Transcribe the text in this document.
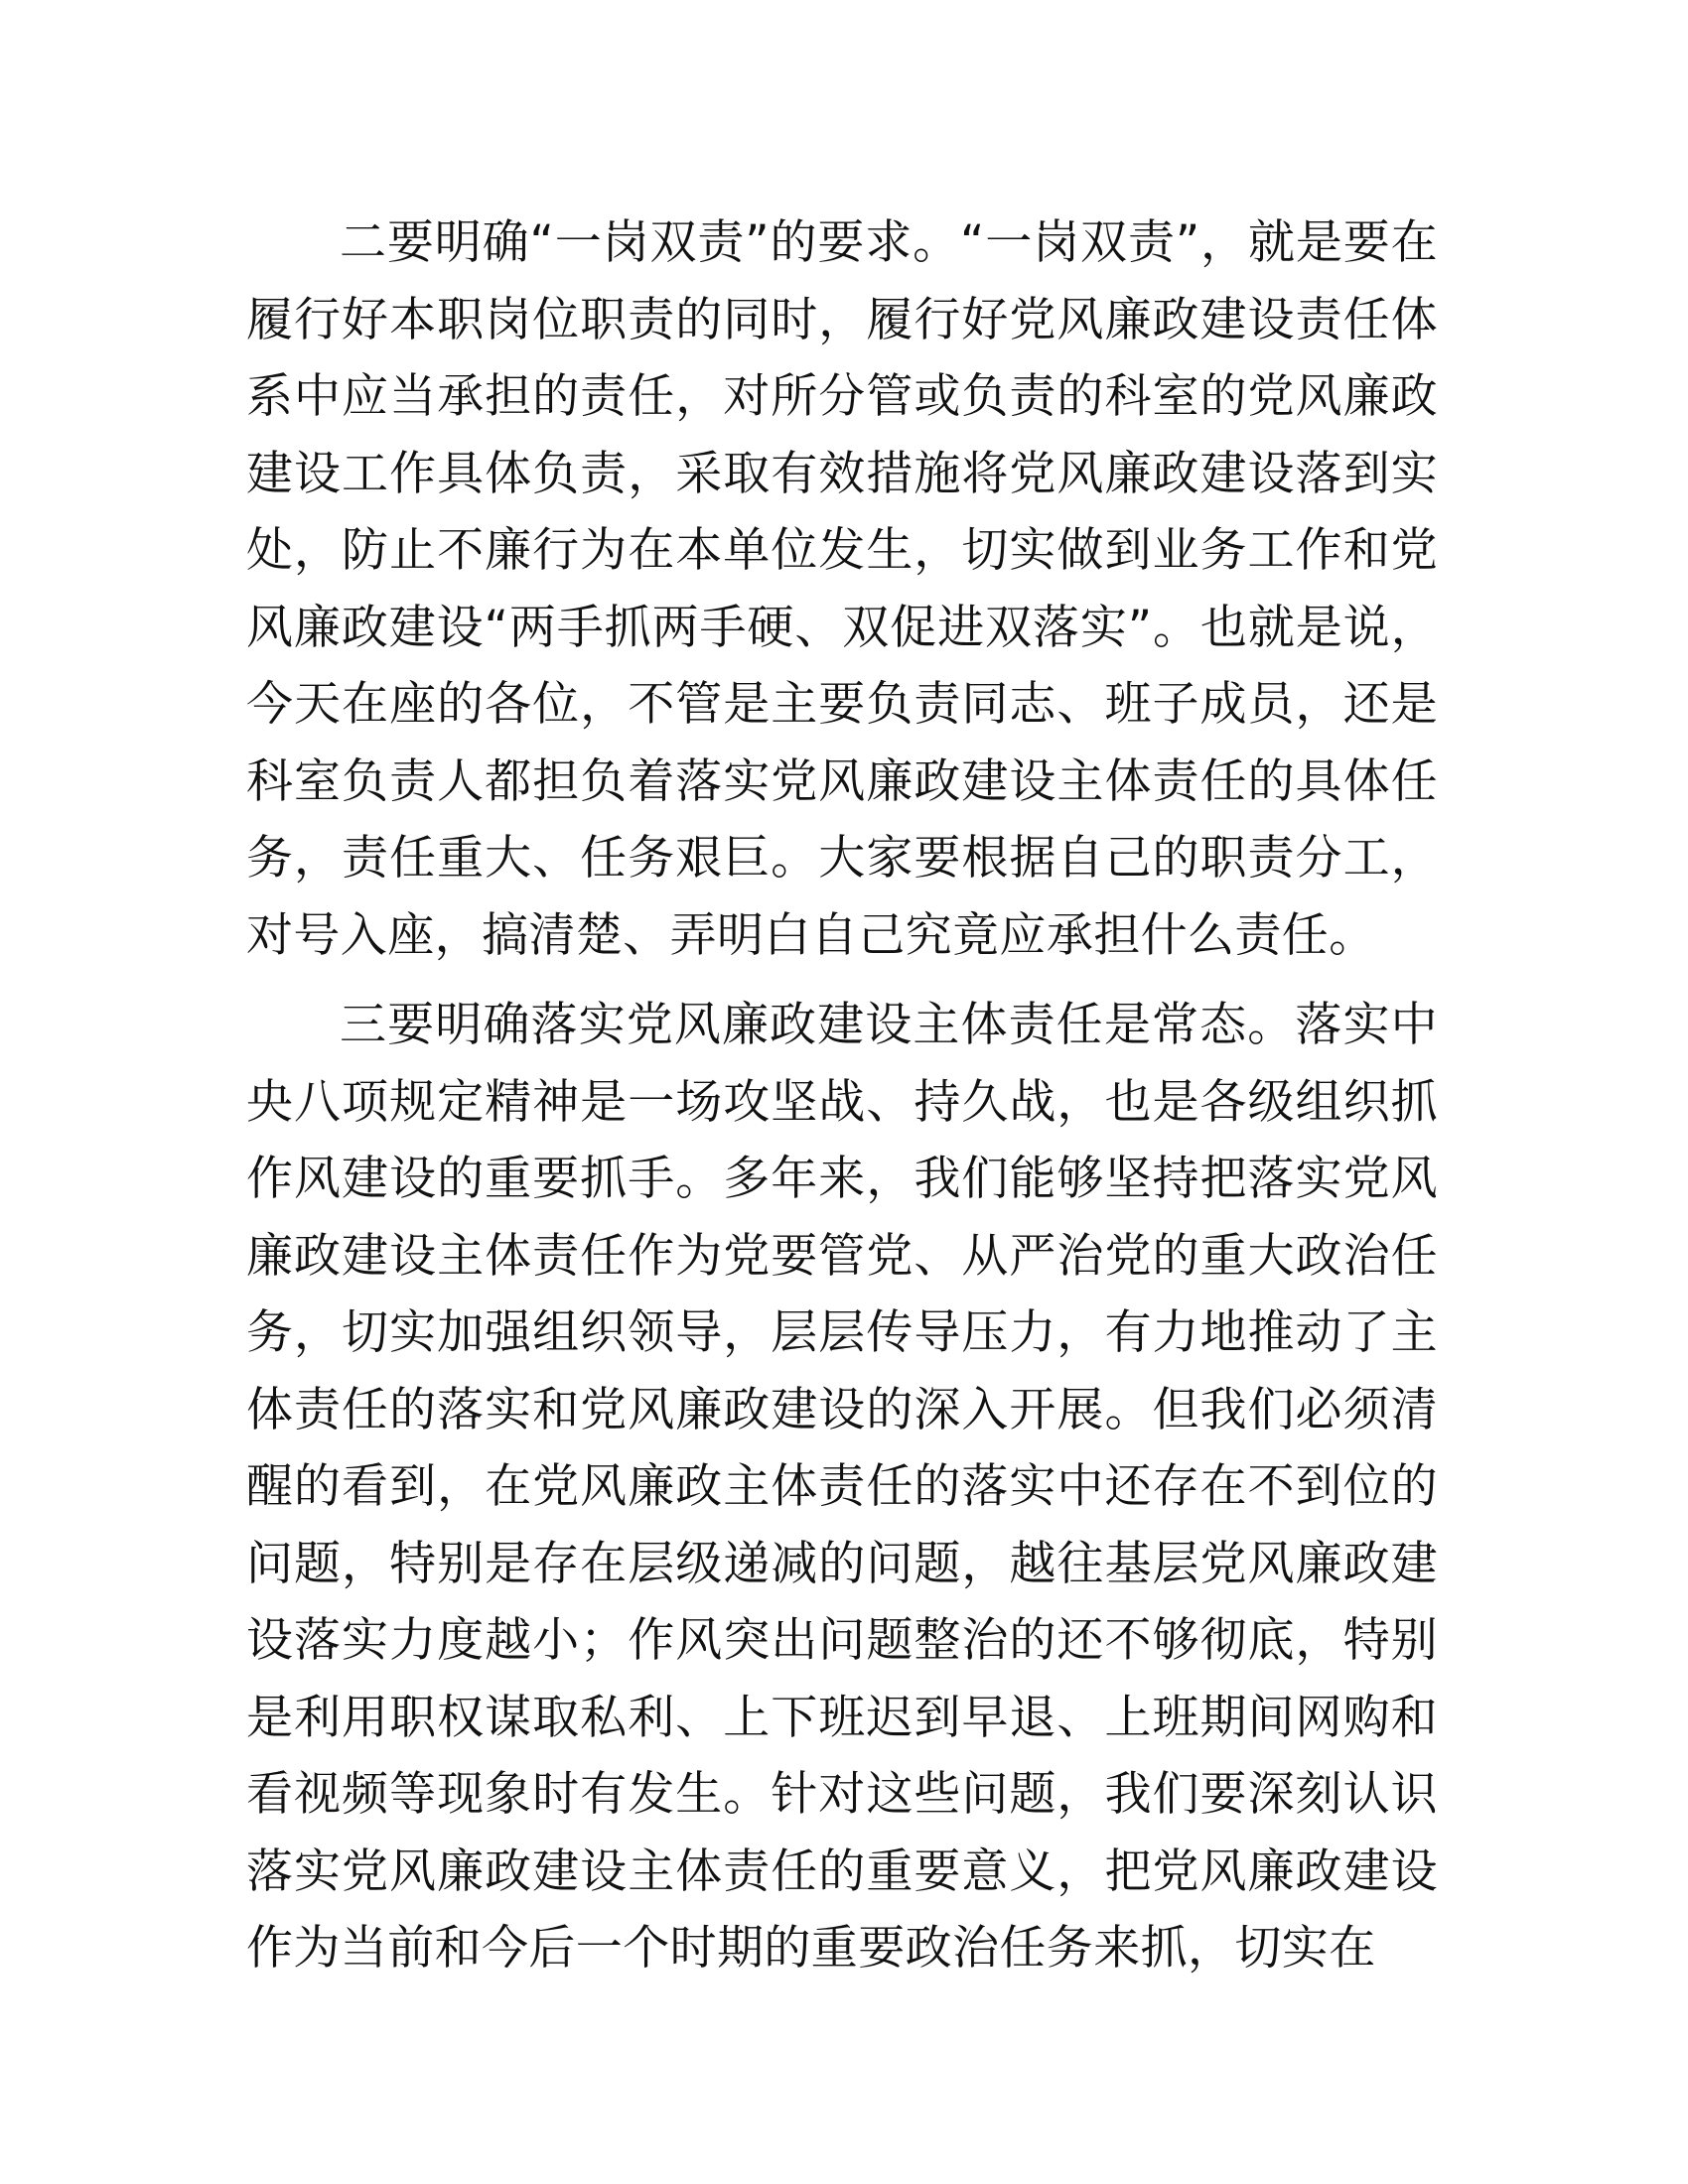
二要明确“一岗双责”的要求。“一岗双责”，就是要在履行好本职岗位职责的同时，履行好党风廉政建设责任体系中应当承担的责任，对所分管或负责的科室的党风廉政建设工作具体负责，采取有效措施将党风廉政建设落到实处，防止不廉行为在本单位发生，切实做到业务工作和党风廉政建设“两手抓两手硬、双促进双落实”。也就是说，今天在座的各位，不管是主要负责同志、班子成员，还是科室负责人都担负着落实党风廉政建设主体责任的具体任务，责任重大、任务艰巨。大家要根据自己的职责分工，对号入座，搞清楚、弄明白自己究竟应承担什么责任。

三要明确落实党风廉政建设主体责任是常态。落实中央八项规定精神是一场攻坚战、持久战，也是各级组织抓作风建设的重要抓手。多年来，我们能够坚持把落实党风廉政建设主体责任作为党要管党、从严治党的重大政治任务，切实加强组织领导，层层传导压力，有力地推动了主体责任的落实和党风廉政建设的深入开展。但我们必须清醒的看到，在党风廉政主体责任的落实中还存在不到位的问题，特别是存在层级递减的问题，越往基层党风廉政建设落实力度越小；作风突出问题整治的还不够彻底，特别是利用职权谋取私利、上下班迟到早退、上班期间网购和看视频等现象时有发生。针对这些问题，我们要深刻认识落实党风廉政建设主体责任的重要意义，把党风廉政建设作为当前和今后一个时期的重要政治任务来抓，切实在
